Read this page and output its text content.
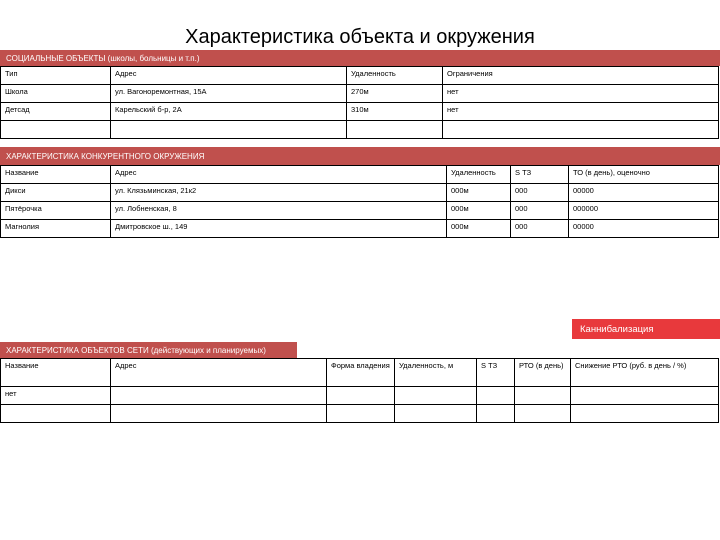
Характеристика объекта и окружения
СОЦИАЛЬНЫЕ ОБЪЕКТЫ (школы, больницы и т.п.)
Тип	Адрес	Удаленность	Ограничения
Школа	ул. Вагоноремонтная, 15А	270м	нет
Детсад	Карельский б-р, 2А	310м	нет

ХАРАКТЕРИСТИКА КОНКУРЕНТНОГО ОКРУЖЕНИЯ
Название	Адрес	Удаленность	S ТЗ	ТО (в день), оценочно
Дикси	ул. Клязьминская, 21к2	000м	000	00000
Пятёрочка	ул. Лобненская, 8	000м	000	000000
Магнолия	Дмитровское ш., 149	000м	000	00000
Каннибализация
ХАРАКТЕРИСТИКА ОБЪЕКТОВ СЕТИ (действующих и планируемых)
Название	Адрес	Форма владения	Удаленность, м	S ТЗ	РТО (в день)	Снижение РТО (руб. в день / %)
нет						
